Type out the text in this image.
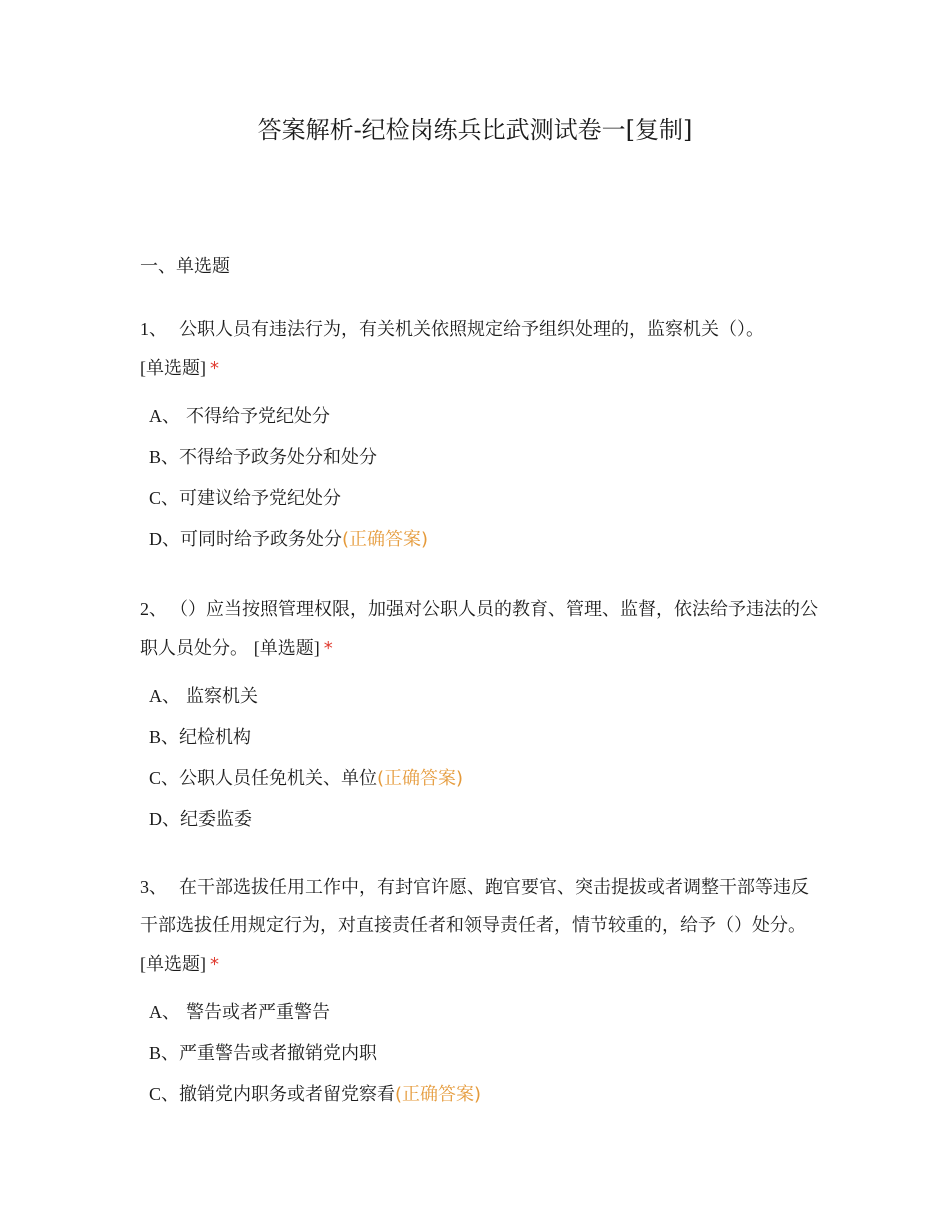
答案解析-纪检岗练兵比武测试卷一[复制]
一、单选题

1、 公职人员有违法行为，有关机关依照规定给予组织处理的，监察机关（）。
[单选题] *

A、 不得给予党纪处分
B、不得给予政务处分和处分
C、可建议给予党纪处分
D、可同时给予政务处分(正确答案)

2、 （）应当按照管理权限，加强对公职人员的教育、管理、监督，依法给予违法的公职人员处分。 [单选题] *

A、 监察机关
B、纪检机构
C、公职人员任免机关、单位(正确答案)
D、纪委监委

3、 在干部选拔任用工作中，有封官许愿、跑官要官、突击提拔或者调整干部等违反干部选拔任用规定行为，对直接责任者和领导责任者，情节较重的，给予（）处分。 [单选题] *

A、 警告或者严重警告
B、严重警告或者撤销党内职
C、撤销党内职务或者留党察看(正确答案)
